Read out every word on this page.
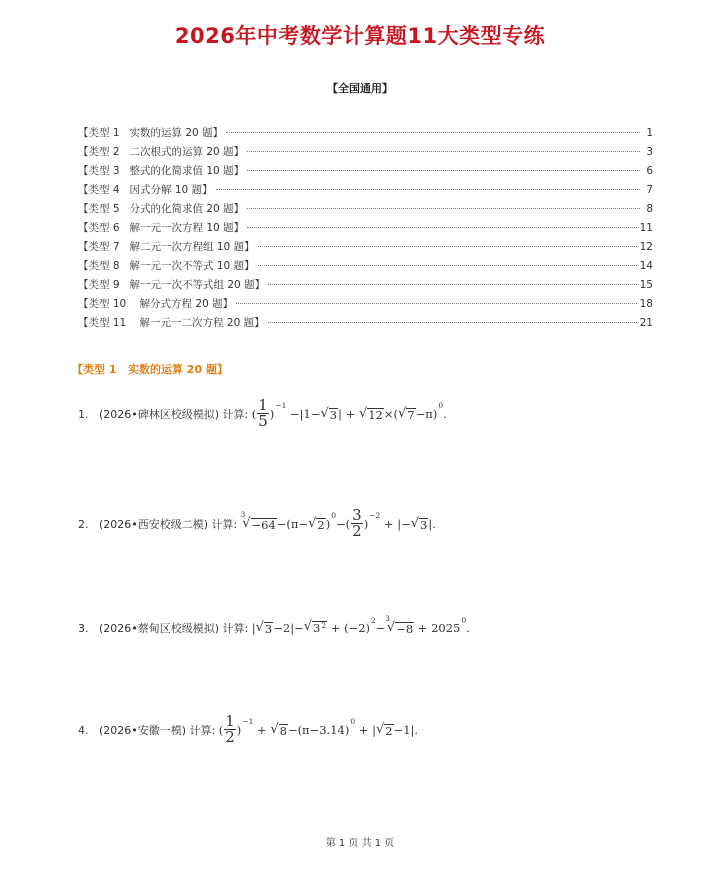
2026年中考数学计算题11大类型专练
【全国通用】
【类型 1   实数的运算 20 题】	1
【类型 2   二次根式的运算 20 题】	3
【类型 3   整式的化简求值 10 题】	6
【类型 4   因式分解 10 题】	7
【类型 5   分式的化简求值 20 题】	8
【类型 6   解一元一次方程 10 题】	11
【类型 7   解二元一次方程组 10 题】	12
【类型 8   解一元一次不等式 10 题】	14
【类型 9   解一元一次不等式组 20 题】	15
【类型 10    解分式方程 20 题】	18
【类型 11    解一元一二次方程 20 题】	21
【类型 1   实数的运算 20 题】
1.   (2026•碑林区校级模拟) 计算: ( $\frac{1}{5}$ )
−1
−|1− √ 3 | + √ 12 ×( √ 7 −π)
0
.
2.   (2026•西安校级二模) 计算:
3
√ −64 −(π− √ 2 )
0
−( $\frac{3}{2}$ )
−2
+ |− √ 3 |.
3.   (2026•蔡甸区校级模拟) 计算: | √ 3 −2|− √ $3^2 + (-2)$
2
−
3
√ −8 + 2025
0
.
4.   (2026•安徽一模) 计算: ( $\frac{1}{2}$ )
−1
+ √ 8 −(π−3.14)
0
+ | √ 2 −1|.
第 1 页 共 1 页
